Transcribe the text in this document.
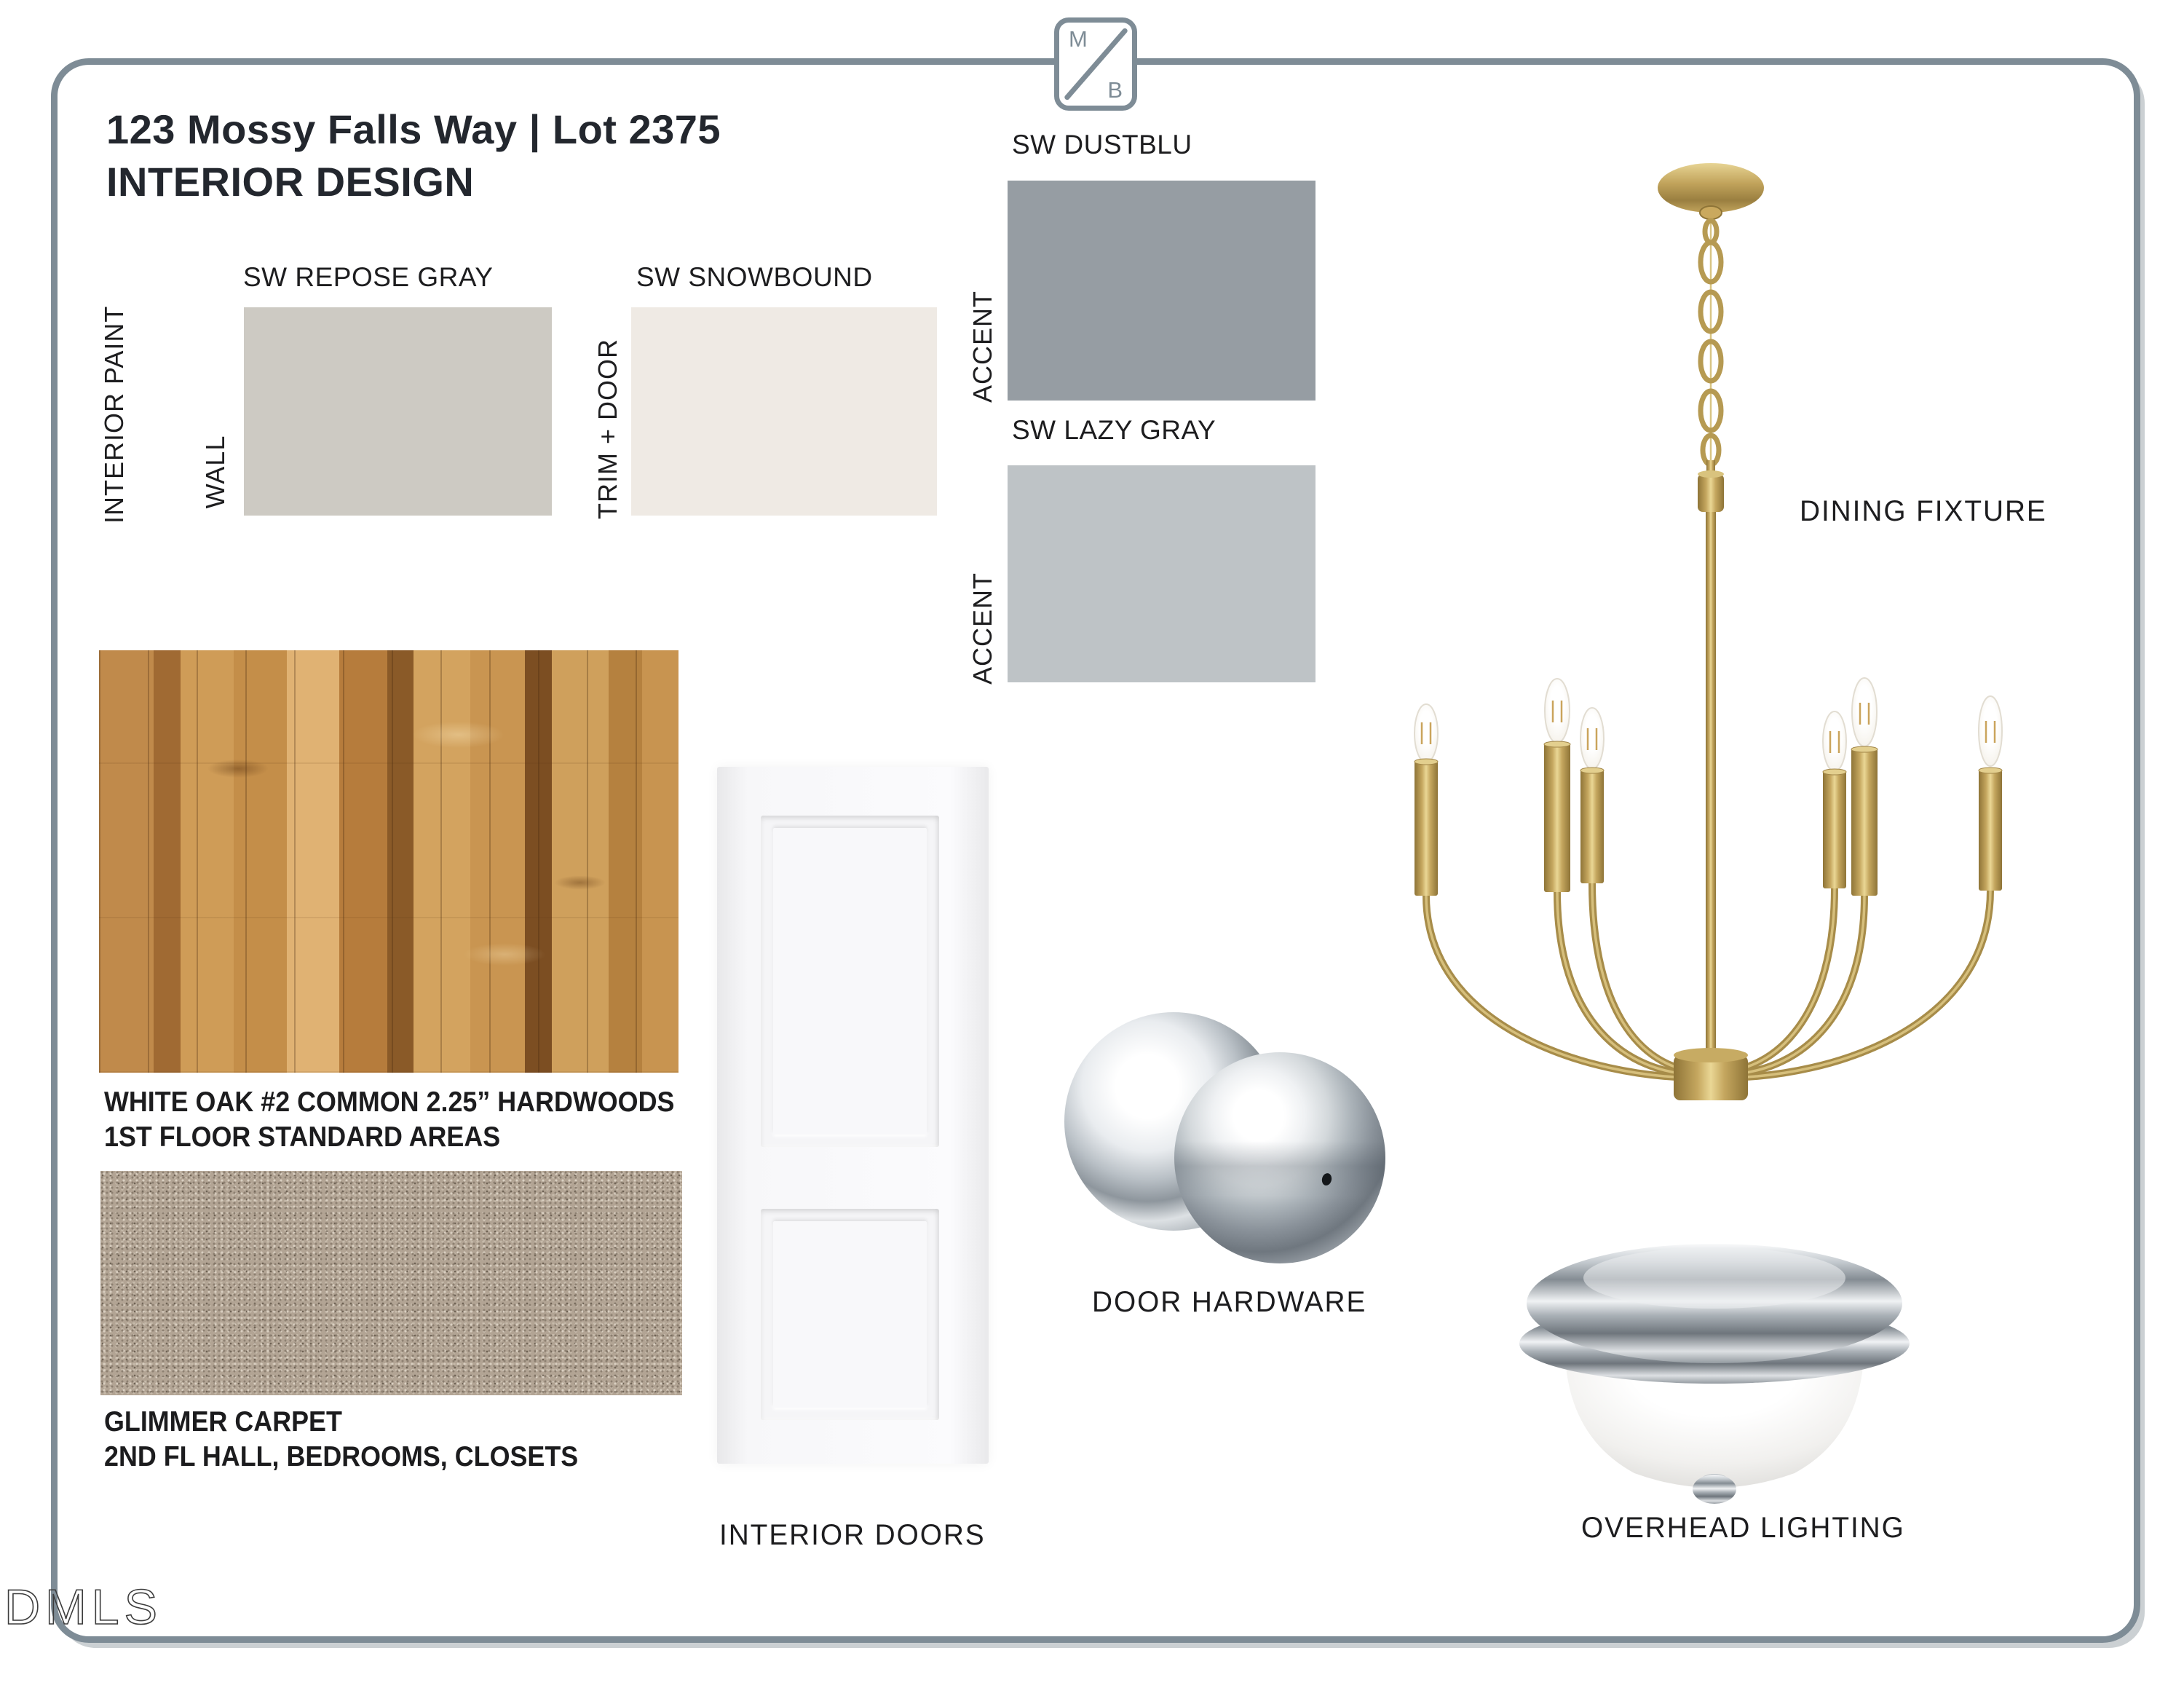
M
B
123 Mossy Falls Way | Lot 2375
INTERIOR DESIGN
INTERIOR PAINT	WALL	TRIM + DOOR	ACCENT
ACCENT
SW REPOSE GRAY	SW SNOWBOUND
SW DUSTBLU
SW LAZY GRAY
WHITE OAK #2 COMMON 2.25” HARDWOODS
1ST FLOOR STANDARD AREAS
GLIMMER CARPET
2ND FL HALL, BEDROOMS, CLOSETS
INTERIOR DOORS
DOOR HARDWARE
DINING FIXTURE
OVERHEAD LIGHTING
DMLS
